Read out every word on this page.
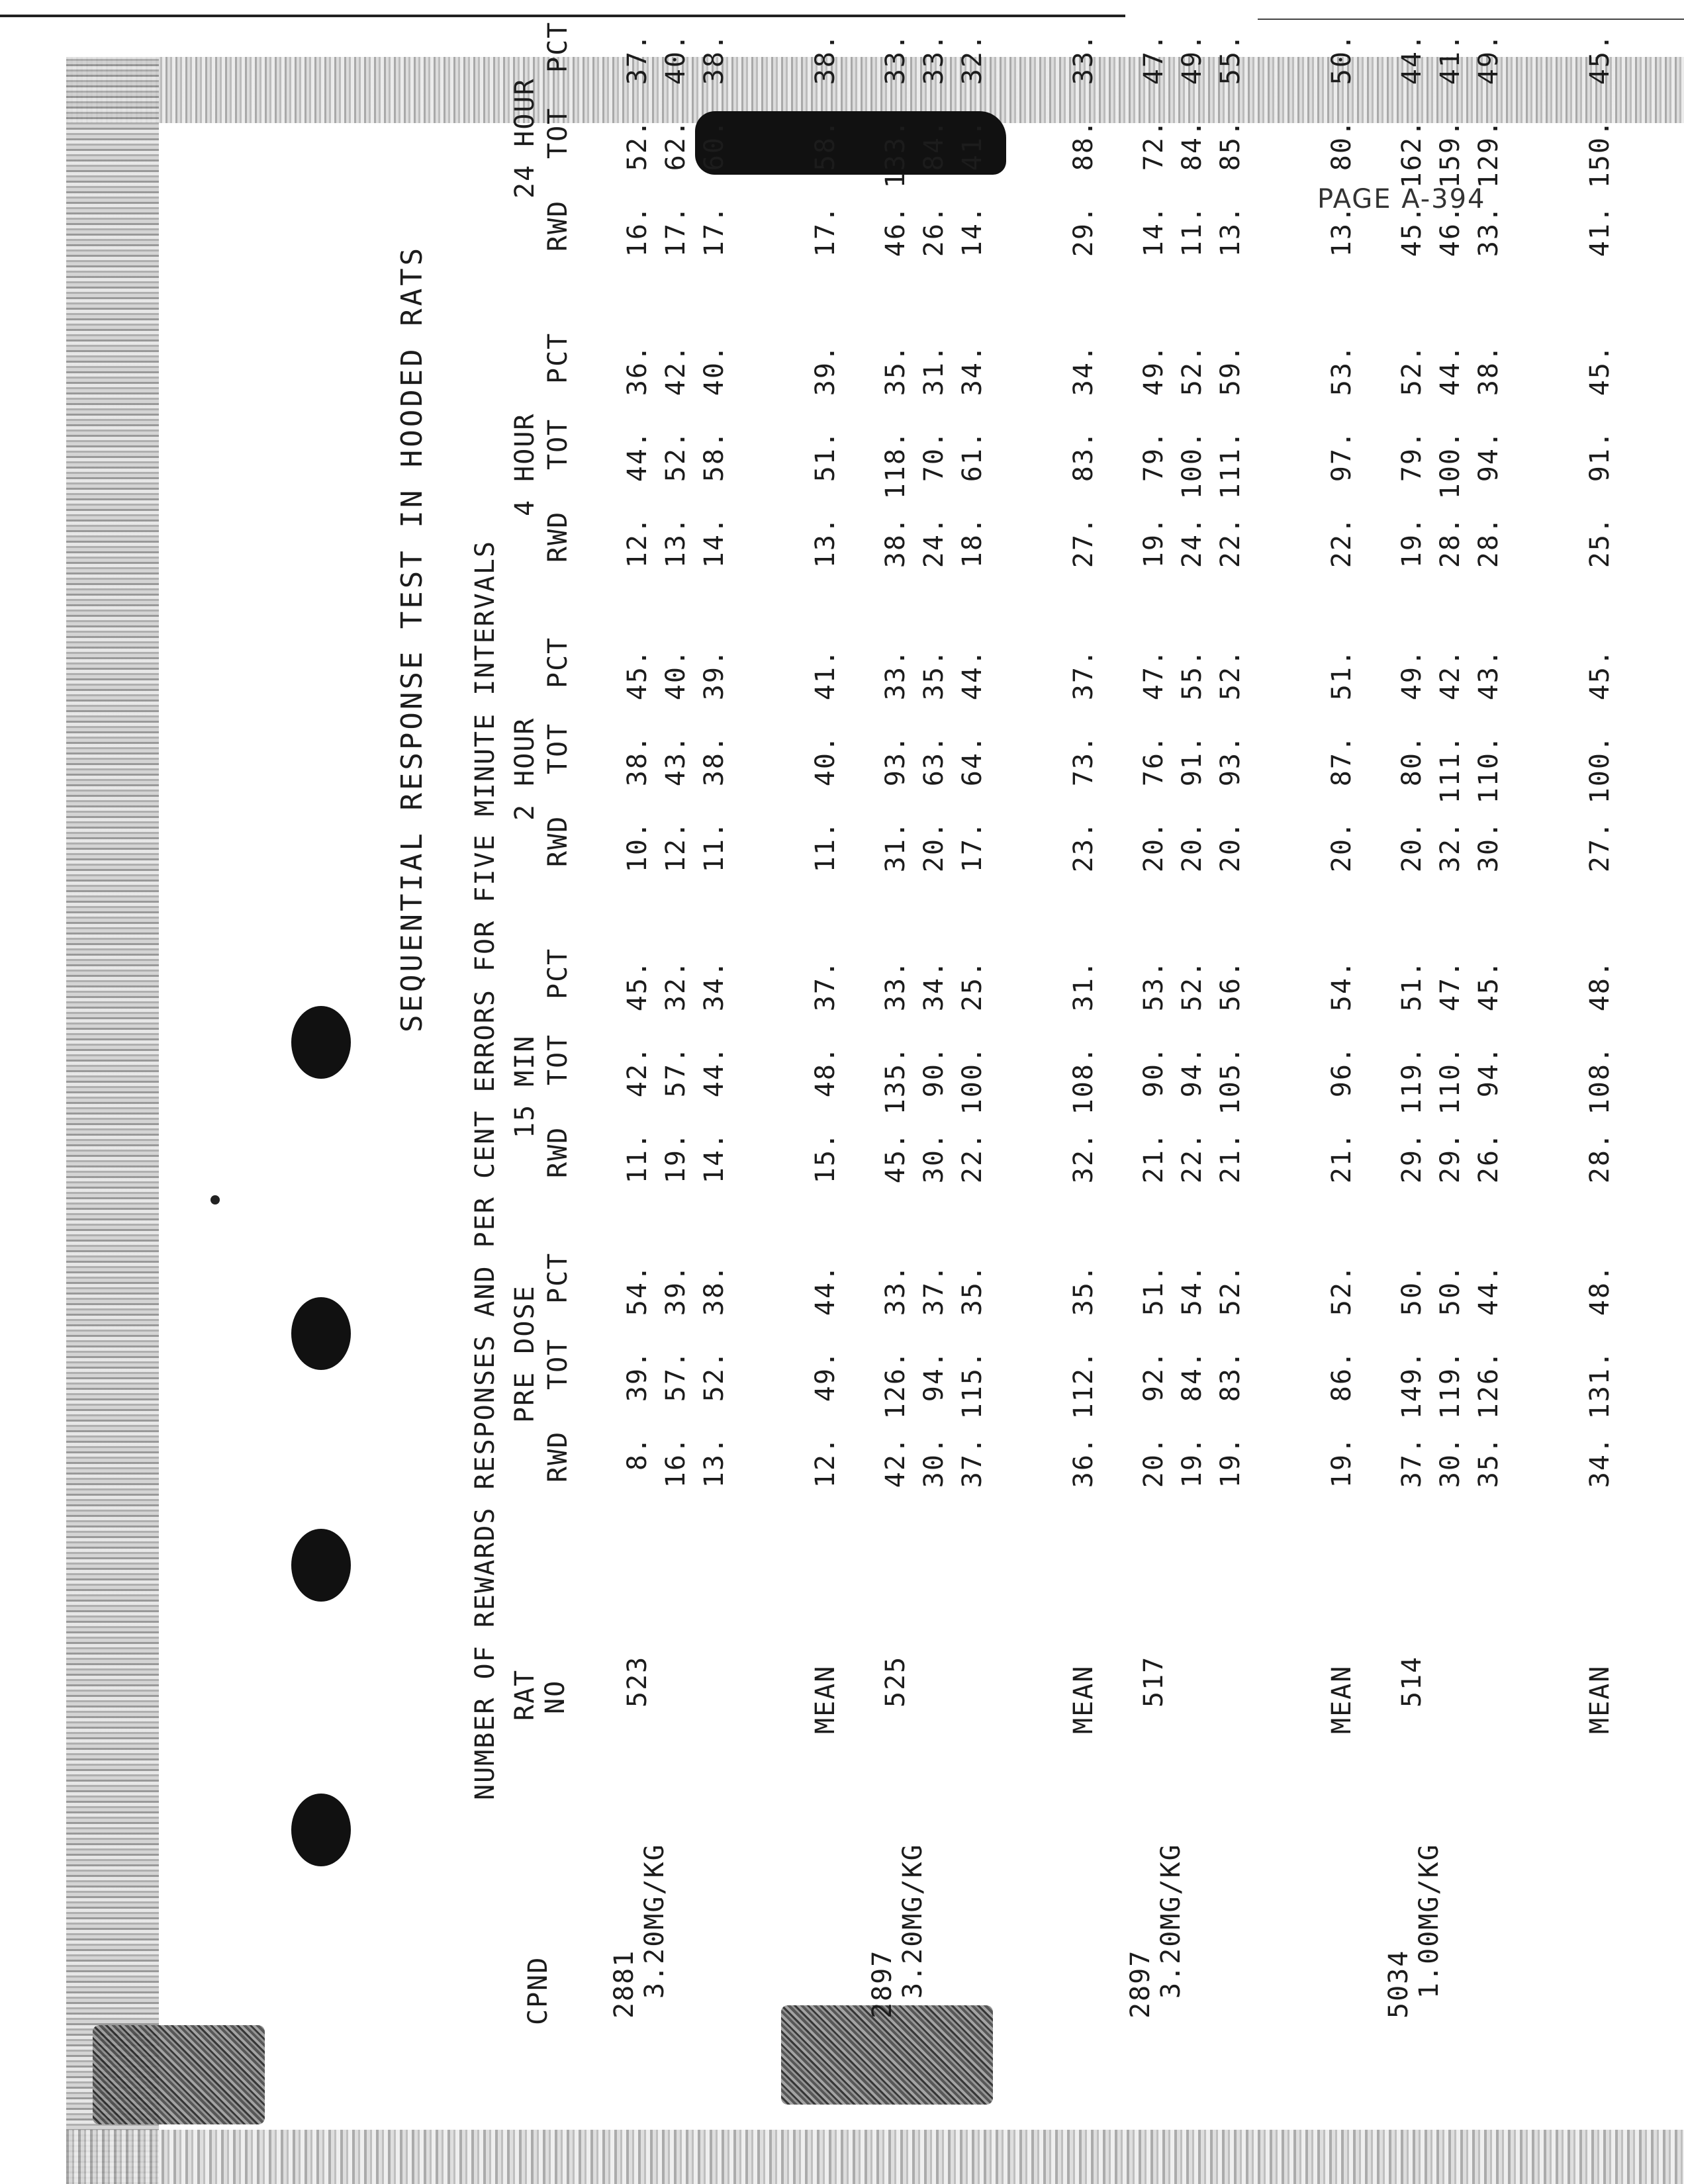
PAGE A-394
SEQUENTIAL RESPONSE TEST IN HOODED RATS NUMBER OF REWARDS RESPONSES AND PER CENT ERRORS FOR FIVE MINUTE INTERVALS PRE DOSE
15 MIN
2 HOUR
4 HOUR
24 HOUR
CPND
RAT NO
RWD
TOT
PCT
RWD
TOT
PCT
RWD
TOT
PCT
RWD
TOT
PCT
RWD
TOT
PCT
2881 3.20MG/KG
523
8.
39.
54.
11.
42.
45.
10.
38.
45.
12.
44.
36.
16.
52.
37.
16.
57.
39.
19.
57.
32.
12.
43.
40.
13.
52.
42.
17.
62.
40.
13.
52.
38.
14.
44.
34.
11.
38.
39.
14.
58.
40.
17.
60.
38.
MEAN
12.
49.
44.
15.
48.
37.
11.
40.
41.
13.
51.
39.
17.
58.
38.
2897 3.20MG/KG
525
42.
126.
33.
45.
135.
33.
31.
93.
33.
38.
118.
35.
46.
133.
33.
30.
94.
37.
30.
90.
34.
20.
63.
35.
24.
70.
31.
26.
84.
33.
37.
115.
35.
22.
100.
25.
17.
64.
44.
18.
61.
34.
14.
41.
32.
MEAN
36.
112.
35.
32.
108.
31.
23.
73.
37.
27.
83.
34.
29.
88.
33.
2897 3.20MG/KG
517
20.
92.
51.
21.
90.
53.
20.
76.
47.
19.
79.
49.
14.
72.
47.
19.
84.
54.
22.
94.
52.
20.
91.
55.
24.
100.
52.
11.
84.
49.
19.
83.
52.
21.
105.
56.
20.
93.
52.
22.
111.
59.
13.
85.
55.
MEAN
19.
86.
52.
21.
96.
54.
20.
87.
51.
22.
97.
53.
13.
80.
50.
5034 1.00MG/KG
514
37.
149.
50.
29.
119.
51.
20.
80.
49.
19.
79.
52.
45.
162.
44.
30.
119.
50.
29.
110.
47.
32.
111.
42.
28.
100.
44.
46.
159.
41.
35.
126.
44.
26.
94.
45.
30.
110.
43.
28.
94.
38.
33.
129.
49.
MEAN
34.
131.
48.
28.
108.
48.
27.
100.
45.
25.
91.
45.
41.
150.
45.
